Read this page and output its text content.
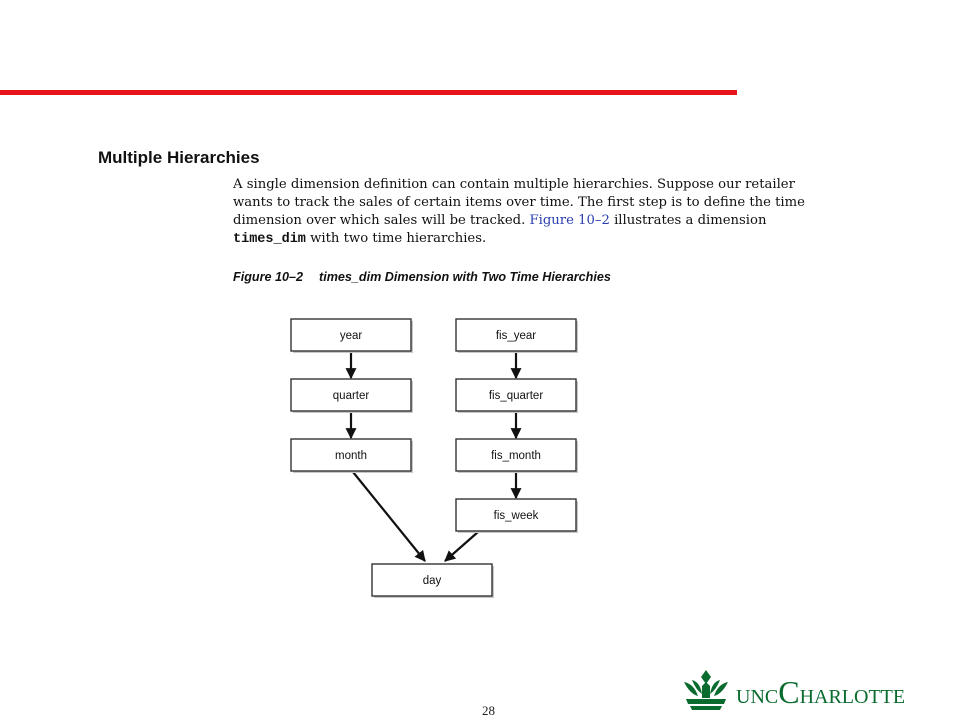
Multiple Hierarchies
A single dimension definition can contain multiple hierarchies. Suppose our retailer
wants to track the sales of certain items over time. The first step is to define the time
dimension over which sales will be tracked. Figure 10–2 illustrates a dimension
times_dim with two time hierarchies.
Figure 10–2 times_dim Dimension with Two Time Hierarchies
year
quarter
month
fis_year
fis_quarter
fis_month
fis_week
day
28
UNCCHARLOTTE
